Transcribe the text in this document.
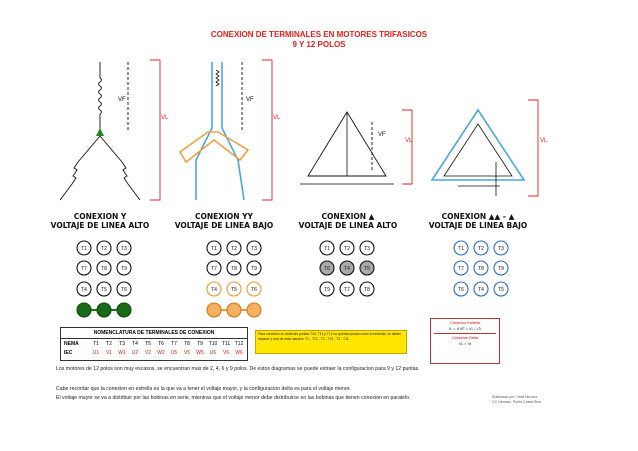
CONEXION DE TERMINALES EN MOTORES TRIFASICOS
9 Y 12 POLOS
VL
VF
VL
VF
VL
VF
VL
CONEXION Y
VOLTAJE DE LINEA ALTO
CONEXION YY
VOLTAJE DE LINEA BAJO
CONEXION ▲
VOLTAJE DE LINEA ALTO
CONEXION ▲▲ - ▲
VOLTAJE DE LINEA BAJO
T1	T2	T3
T7	T8	T9
T4	T5	T6
T1	T2	T3
T7	T8	T9
T4	T5	T6
T1	T2	T3
T6	T4	T5
T9	T7	T8
T1	T2	T3
T7	T8	T9
T6	T4	T5
NOMENCLATURA DE TERMINALES DE CONEXION
NEMA	T1	T2	T3	T4	T5	T6	T7	T8	T9	T10 T11 T12
IEC	U1	V1	W1	U2	V2	W2	U5	V5	W5	U6	V6	W6
Para conexion en delta las puntas T10, T11 y T12 no quedan juntas como en estrella, se deben separar y unir de esta manera: T1 - T12 , T2 - T10 , T3 - T11 .
Conexion Estrella
IL = If VF = VL / √3
Conexion Delta
VL = Vf
Los motores de 12 polos son muy escasos, se encuentran mas de 2, 4, 6 y 9 polos. De estos diagramas se puede extraer la configuracion para 9 y 12 puntas.
Cabe recordar que la conexion en estrella es la que va a tener el voltaje mayor, y la configuracion delta es para el voltaje menor.
El voltaje mayor se va a distribuir por las bobinas en serie, mientras que el voltaje menor debe distribuirce en las bobinas que tienen conexion en paralelo.	Elaborado por: Yesli Herrera
CC Hernani. Pueto Costa Rica
